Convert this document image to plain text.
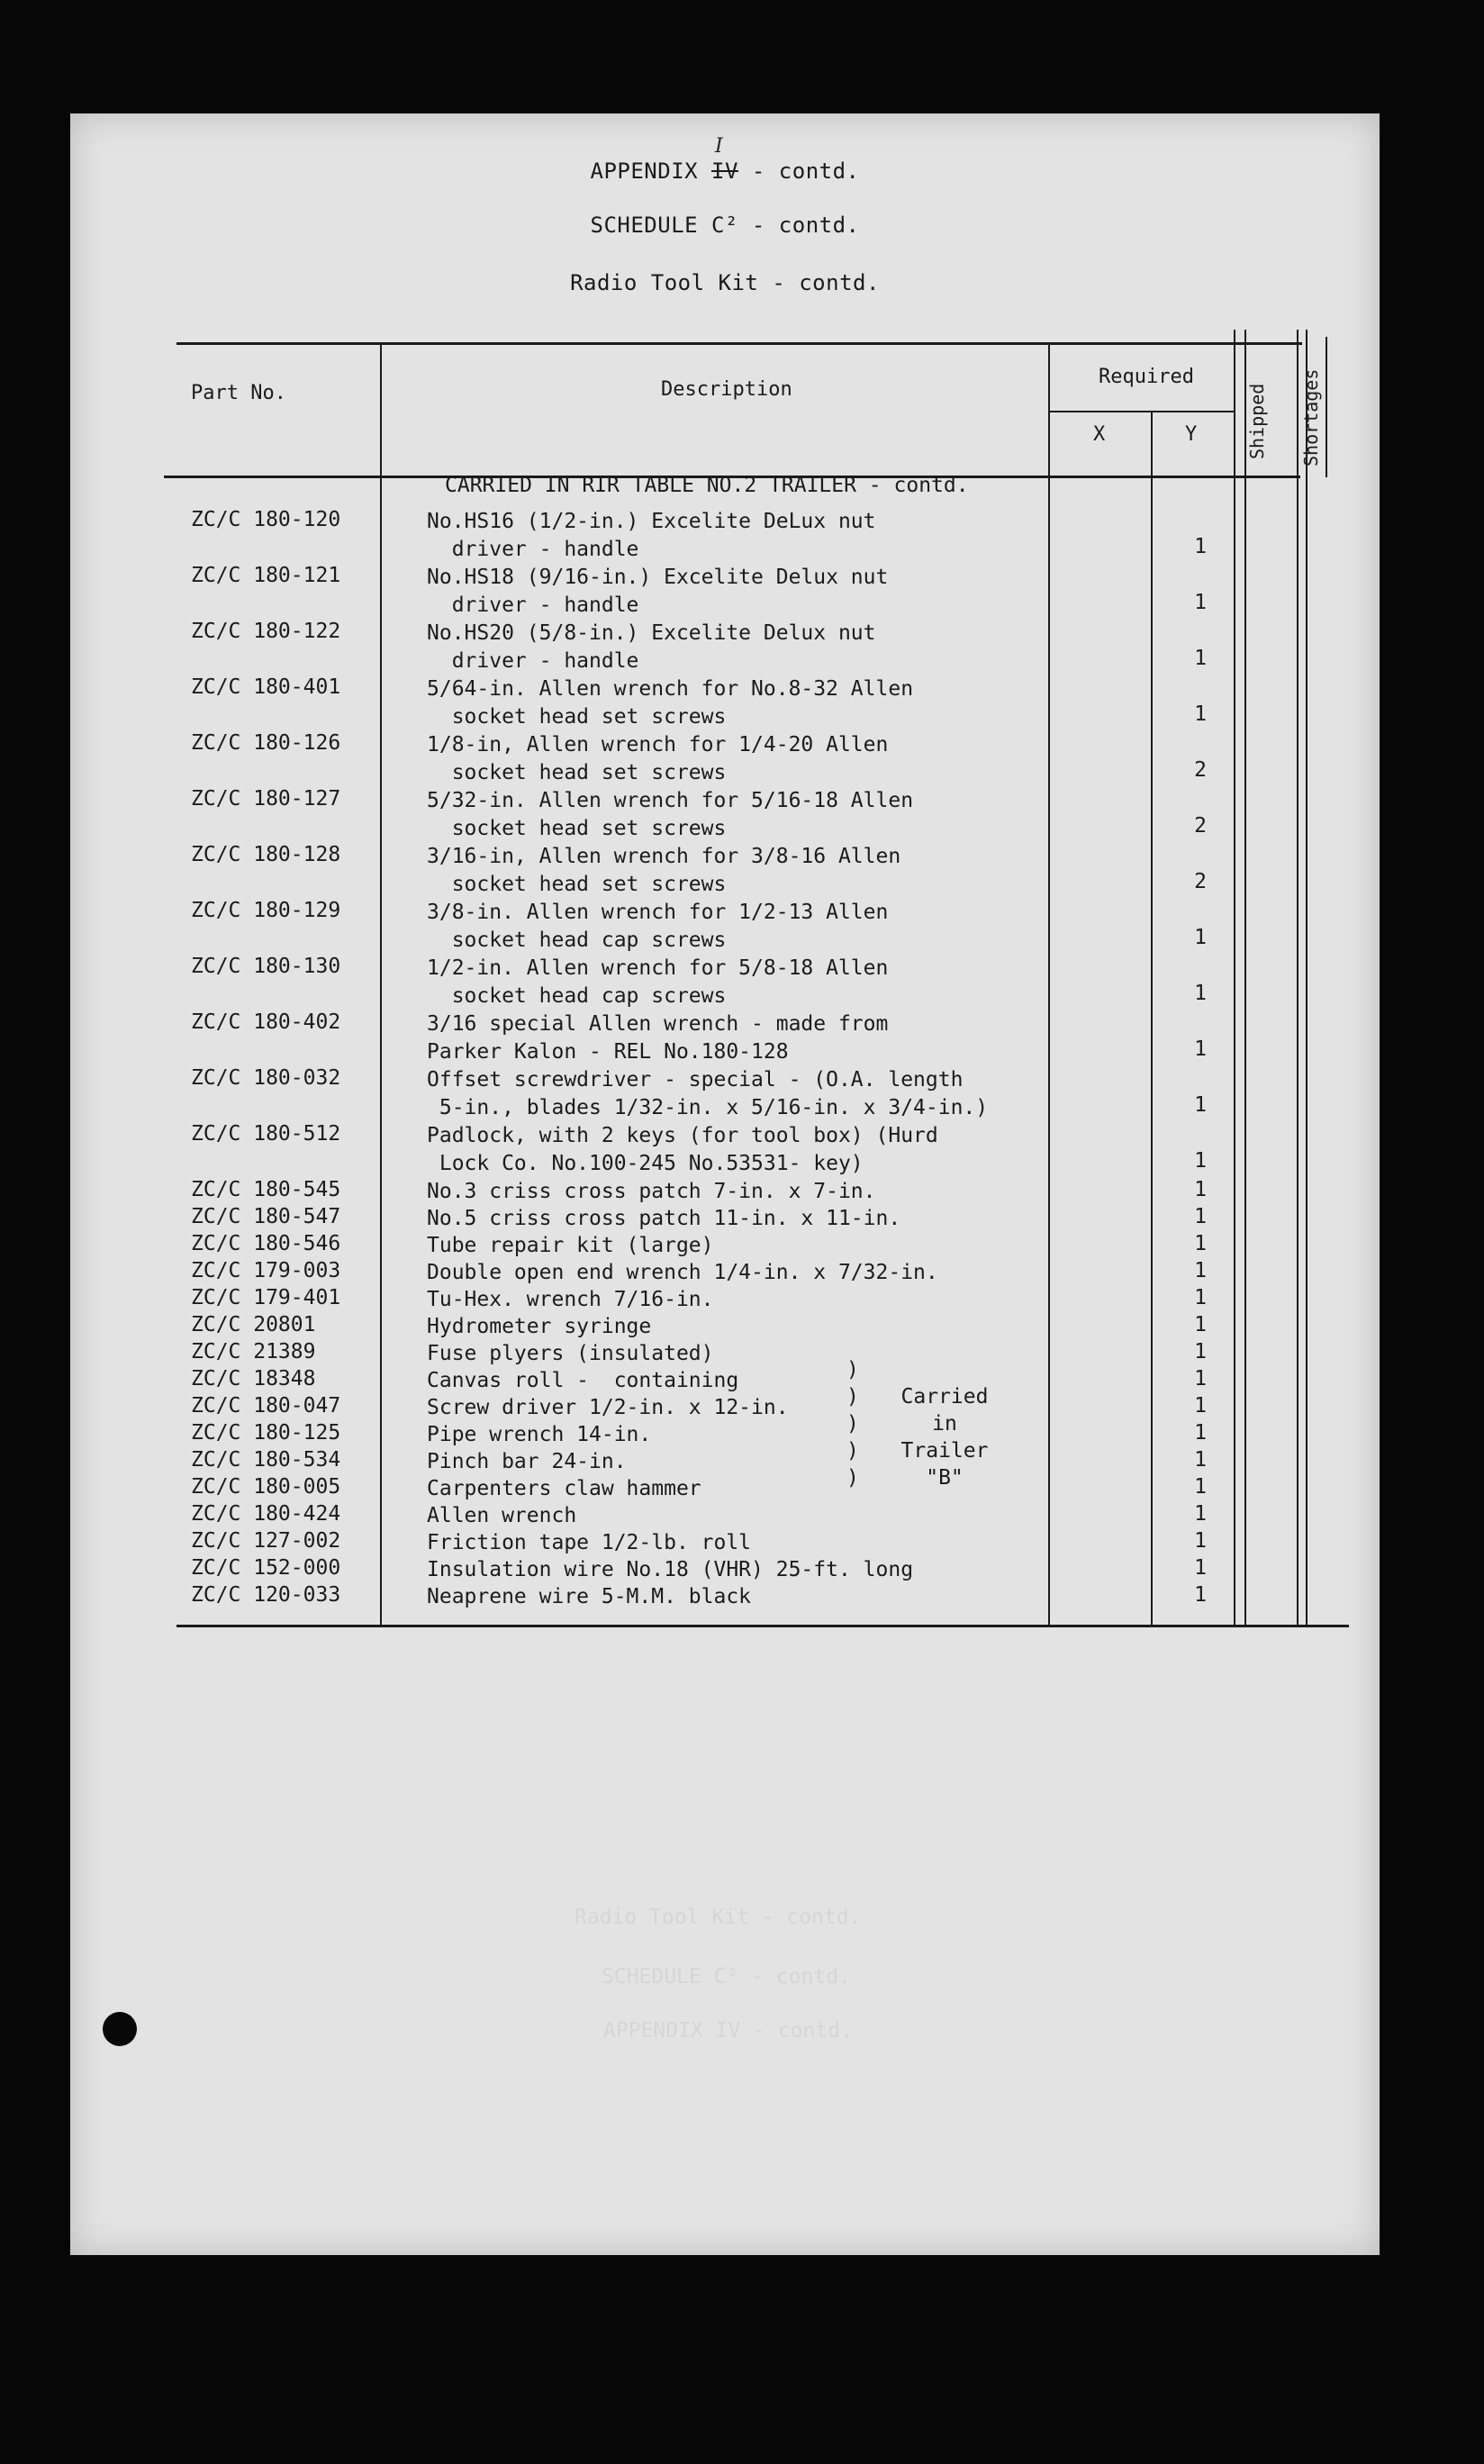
APPENDIX IV
I
- contd.
SCHEDULE C² - contd.
Radio Tool Kit - contd.
Part No.	Description
Required
X	Y	Shipped Shortages
CARRIED IN RIR TABLE NO.2 TRAILER - contd.
ZC/C 180-120	No.HS16 (1/2-in.) Excelite DeLux nut
driver - handle	1
ZC/C 180-121	No.HS18 (9/16-in.) Excelite Delux nut
driver - handle	1
ZC/C 180-122	No.HS20 (5/8-in.) Excelite Delux nut
driver - handle	1
ZC/C 180-401	5/64-in. Allen wrench for No.8-32 Allen
socket head set screws	1
ZC/C 180-126	1/8-in, Allen wrench for 1/4-20 Allen
socket head set screws	2
ZC/C 180-127	5/32-in. Allen wrench for 5/16-18 Allen
socket head set screws	2
ZC/C 180-128	3/16-in, Allen wrench for 3/8-16 Allen
socket head set screws	2
ZC/C 180-129	3/8-in. Allen wrench for 1/2-13 Allen
socket head cap screws	1
ZC/C 180-130	1/2-in. Allen wrench for 5/8-18 Allen
socket head cap screws	1
ZC/C 180-402	3/16 special Allen wrench - made from
Parker Kalon - REL No.180-128	1
ZC/C 180-032	Offset screwdriver - special - (O.A. length
5-in., blades 1/32-in. x 5/16-in. x 3/4-in.)	1
ZC/C 180-512	Padlock, with 2 keys (for tool box) (Hurd
Lock Co. No.100-245 No.53531- key)	1
ZC/C 180-545	No.3 criss cross patch 7-in. x 7-in.	1
ZC/C 180-547	No.5 criss cross patch 11-in. x 11-in.	1
ZC/C 180-546	Tube repair kit (large)	1
ZC/C 179-003	Double open end wrench 1/4-in. x 7/32-in.	1
ZC/C 179-401	Tu-Hex. wrench 7/16-in.	1
ZC/C 20801	Hydrometer syringe	1
ZC/C 21389	Fuse plyers (insulated)	1
ZC/C 18348	Canvas roll -  containing	1
ZC/C 180-047	Screw driver 1/2-in. x 12-in.	1
ZC/C 180-125	Pipe wrench 14-in.	1
ZC/C 180-534	Pinch bar 24-in.	1
ZC/C 180-005	Carpenters claw hammer	1
ZC/C 180-424	Allen wrench	1
ZC/C 127-002	Friction tape 1/2-lb. roll	1
ZC/C 152-000	Insulation wire No.18 (VHR) 25-ft. long	1
ZC/C 120-033	Neaprene wire 5-M.M. black	1
)
)
)
)
)
Carried
in
Trailer
"B"
Radio Tool Kit - contd.
SCHEDULE C² - contd.
APPENDIX IV - contd.
